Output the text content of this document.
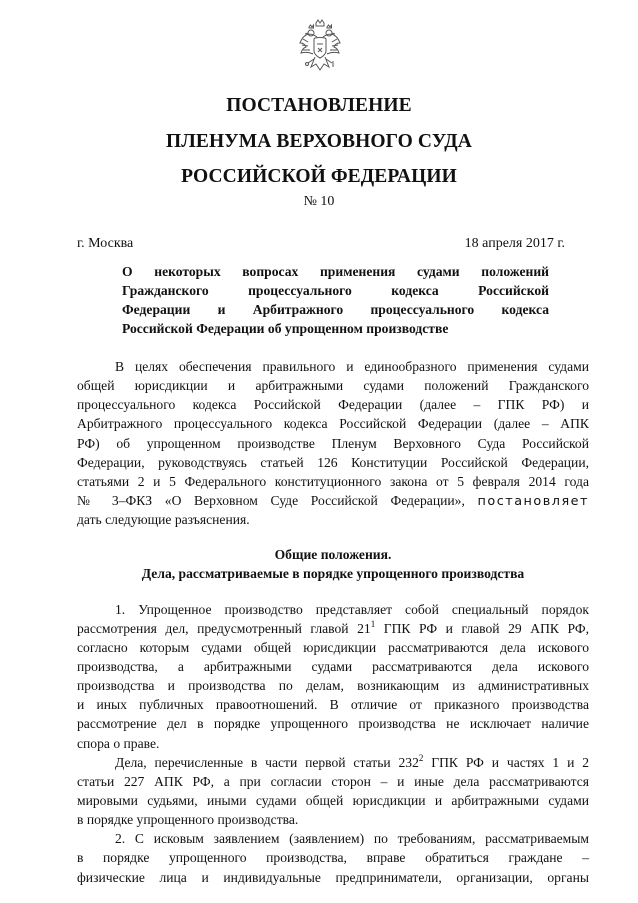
ПОСТАНОВЛЕНИЕ
ПЛЕНУМА ВЕРХОВНОГО СУДА
РОССИЙСКОЙ ФЕДЕРАЦИИ
№ 10
г. Москва	18 апреля 2017 г.
О некоторых вопросах применения судами положений
Гражданского процессуального кодекса Российской
Федерации и Арбитражного процессуального кодекса
Российской Федерации об упрощенном производстве
В целях обеспечения правильного и единообразного применения судами
общей юрисдикции и арбитражными судами положений Гражданского
процессуального кодекса Российской Федерации (далее – ГПК РФ) и
Арбитражного процессуального кодекса Российской Федерации (далее – АПК
РФ) об упрощенном производстве Пленум Верховного Суда Российской
Федерации, руководствуясь статьей 126 Конституции Российской Федерации,
статьями 2 и 5 Федерального конституционного закона от 5 февраля 2014 года
№ 3–ФКЗ «О Верховном Суде Российской Федерации», постановляет
дать следующие разъяснения.
Общие положения.
Дела, рассматриваемые в порядке упрощенного производства
1. Упрощенное производство представляет собой специальный порядок
рассмотрения дел, предусмотренный главой $21^1$ ГПК РФ и главой 29 АПК РФ,
согласно которым судами общей юрисдикции рассматриваются дела искового
производства, а арбитражными судами рассматриваются дела искового
производства и производства по делам, возникающим из административных
и иных публичных правоотношений. В отличие от приказного производства
рассмотрение дел в порядке упрощенного производства не исключает наличие
спора о праве.
Дела, перечисленные в части первой статьи $232^2$ ГПК РФ и частях 1 и 2
статьи 227 АПК РФ, а при согласии сторон – и иные дела рассматриваются
мировыми судьями, иными судами общей юрисдикции и арбитражными судами
в порядке упрощенного производства.
2. С исковым заявлением (заявлением) по требованиям, рассматриваемым
в порядке упрощенного производства, вправе обратиться граждане –
физические лица и индивидуальные предприниматели, организации, органы
